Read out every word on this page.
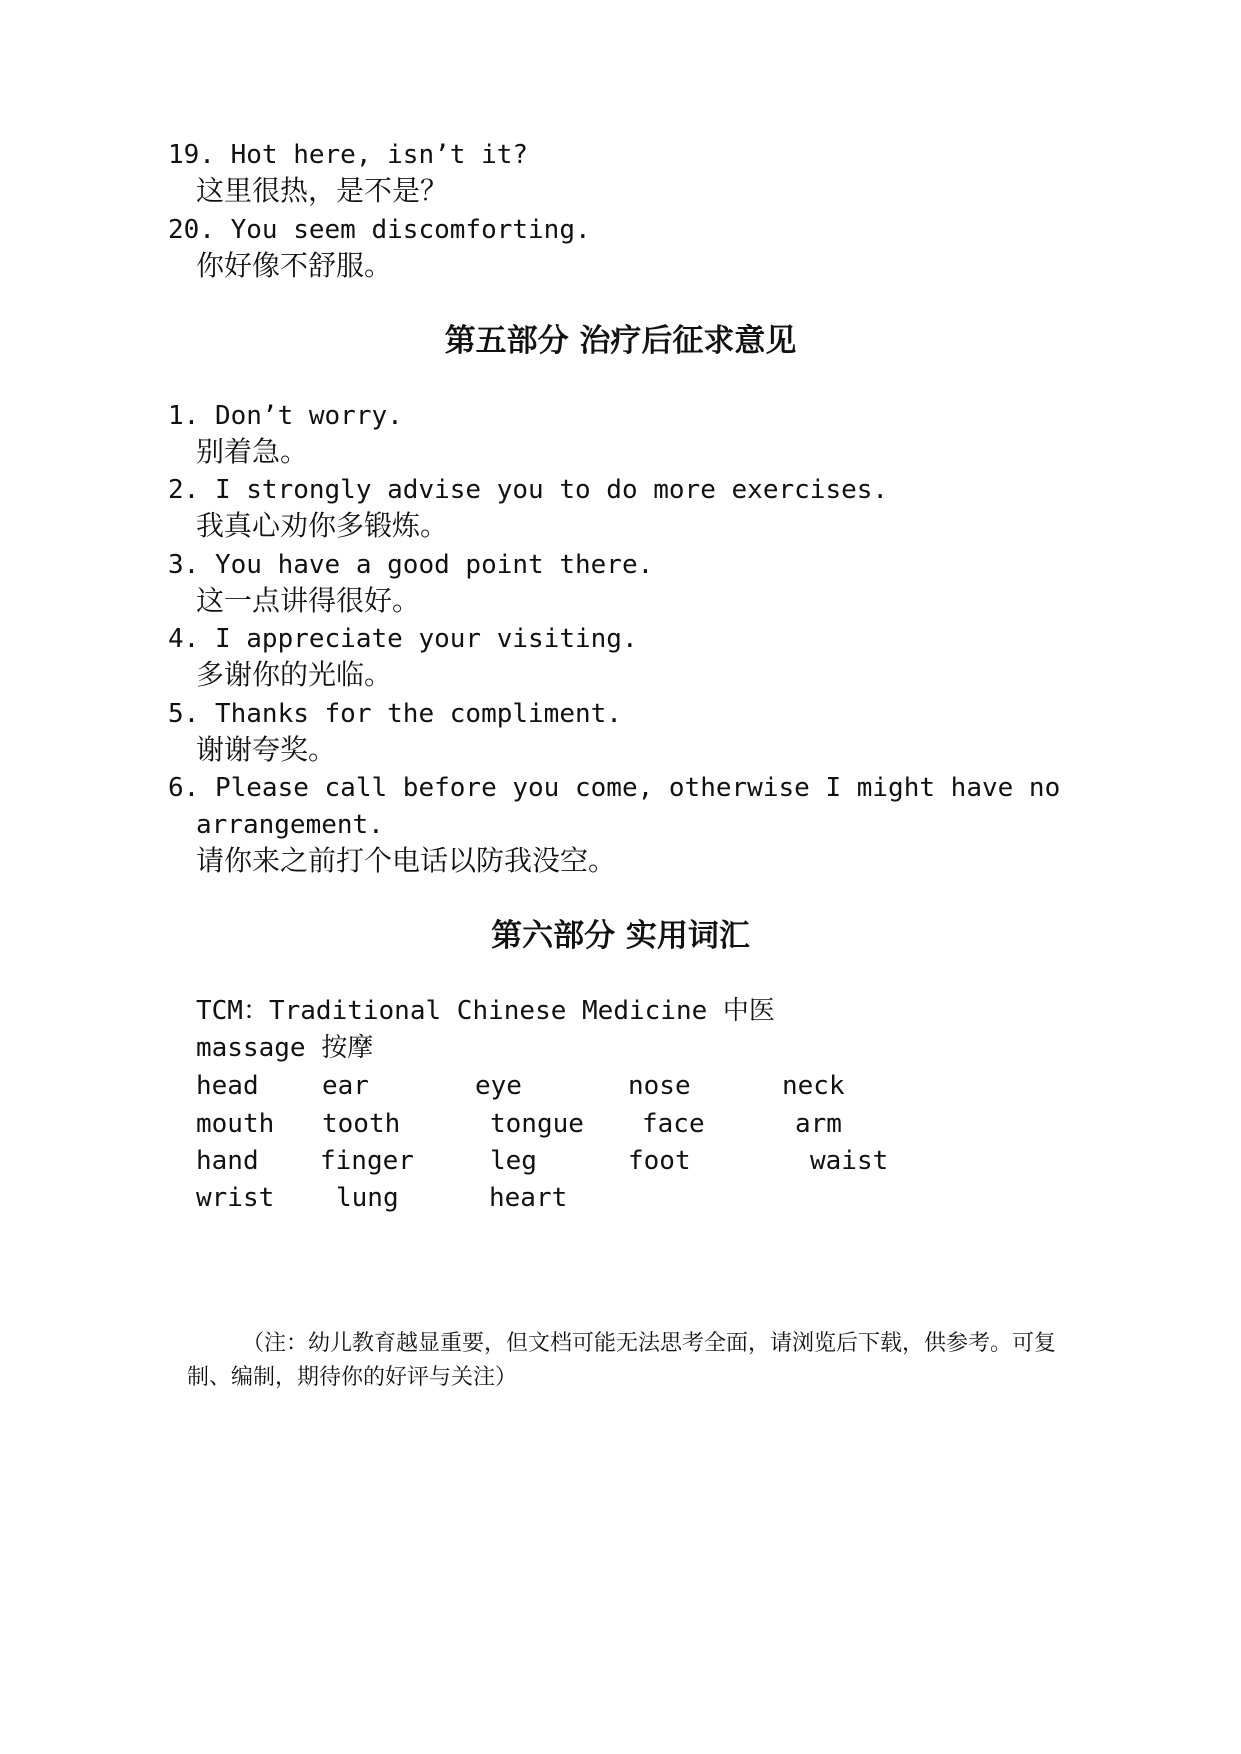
19. Hot here, isn’t it?
这里很热，是不是？
20. You seem discomforting.
你好像不舒服。
第五部分 治疗后征求意见
1. Don’t worry.
别着急。
2. I strongly advise you to do more exercises.
我真心劝你多锻炼。
3. You have a good point there.
这一点讲得很好。
4. I appreciate your visiting.
多谢你的光临。
5. Thanks for the compliment.
谢谢夸奖。
6. Please call before you come, otherwise I might have no
arrangement.
请你来之前打个电话以防我没空。
第六部分 实用词汇
TCM：Traditional Chinese Medicine 中医
massage 按摩
head ear	eye	nose	neck
mouth tooth	tongue face	arm
hand finger	leg	foot	waist
wrist lung	heart
（注：幼儿教育越显重要，但文档可能无法思考全面，请浏览后下载，供参考。可复制、编制，期待你的好评与关注）
